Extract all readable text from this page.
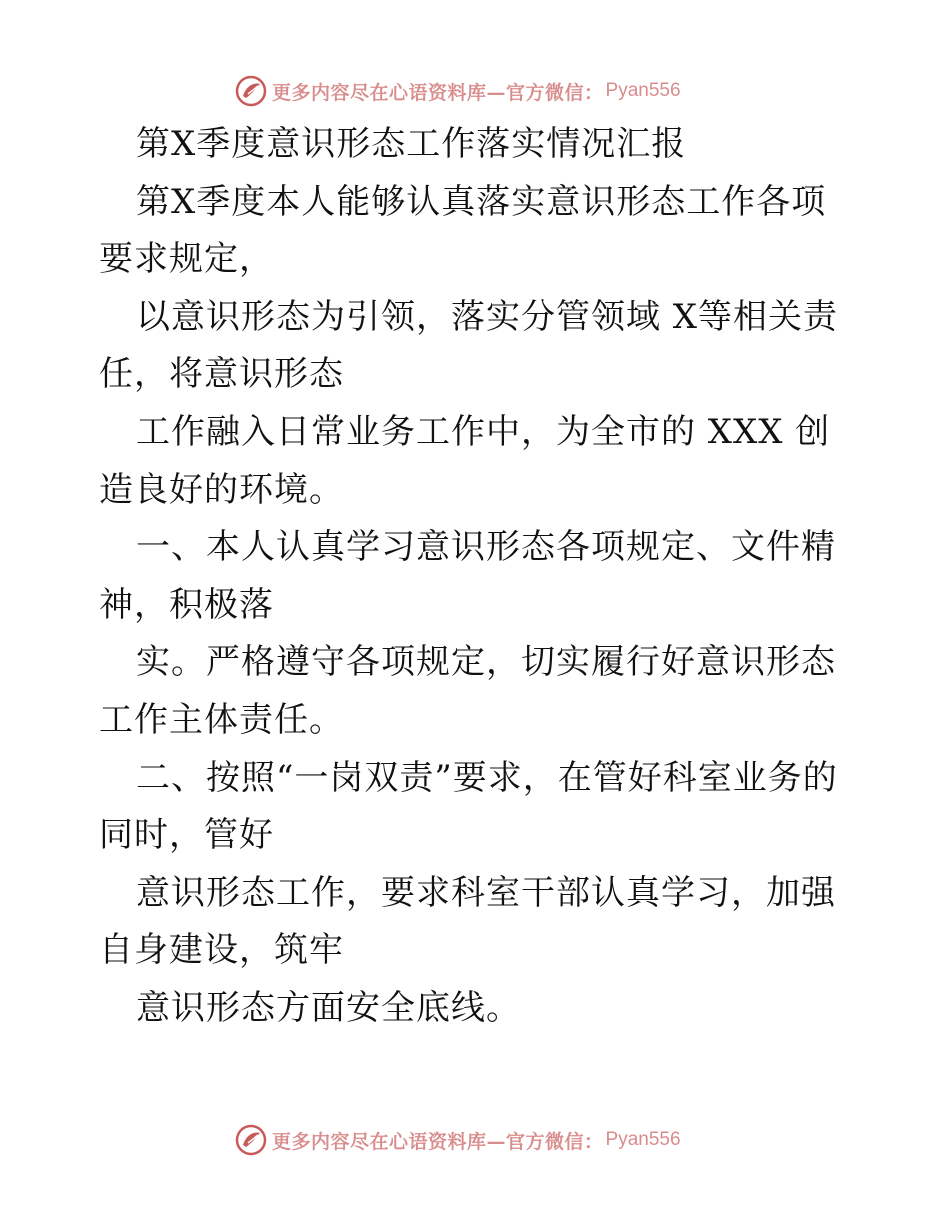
更多内容尽在心语资料库—官方微信： Pyan556

第X季度意识形态工作落实情况汇报

第X季度本人能够认真落实意识形态工作各项要求规定，

以意识形态为引领，落实分管领域 X等相关责任，将意识形态

工作融入日常业务工作中，为全市的 XXX 创造良好的环境。

一、本人认真学习意识形态各项规定、文件精神，积极落

实。严格遵守各项规定，切实履行好意识形态工作主体责任。

二、按照“一岗双责”要求，在管好科室业务的同时，管好

意识形态工作，要求科室干部认真学习，加强自身建设，筑牢

意识形态方面安全底线。

更多内容尽在心语资料库—官方微信： Pyan556
